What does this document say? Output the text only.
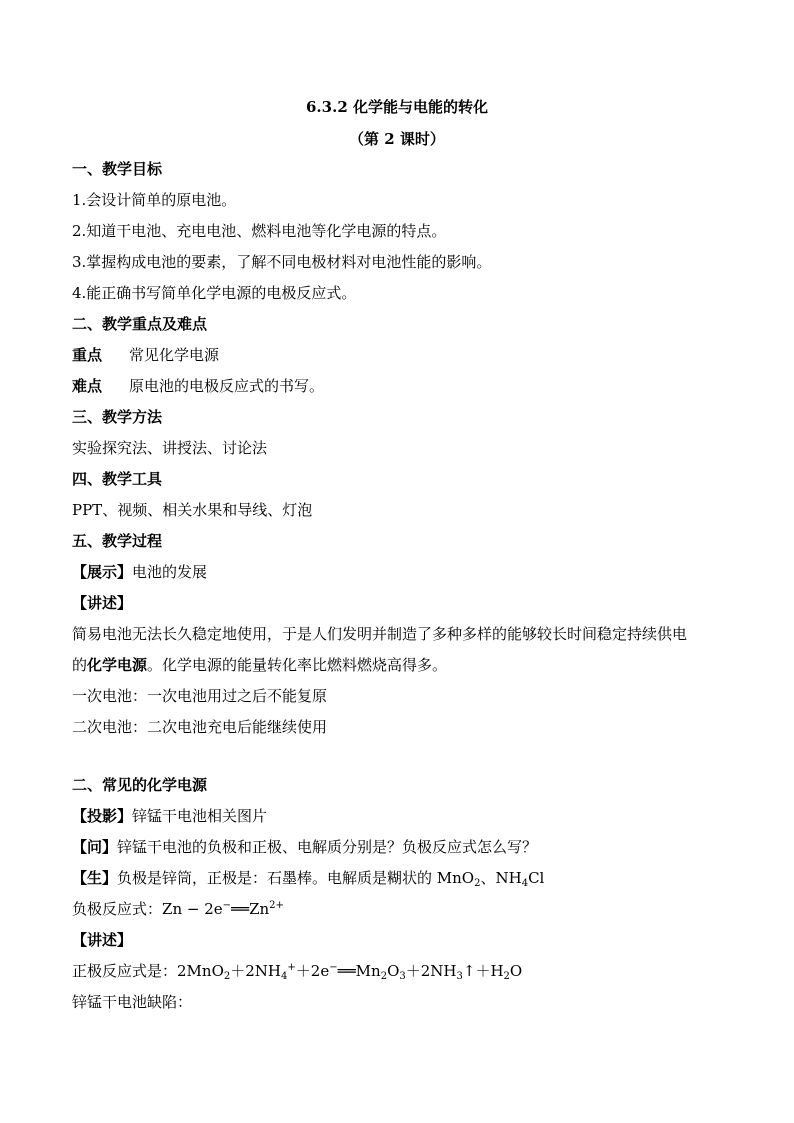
6.3.2 化学能与电能的转化
（第 2 课时）
一、教学目标
1.会设计简单的原电池。
2.知道干电池、充电电池、燃料电池等化学电源的特点。
3.掌握构成电池的要素，了解不同电极材料对电池性能的影响。
4.能正确书写简单化学电源的电极反应式。
二、教学重点及难点
重点 常见化学电源
难点 原电池的电极反应式的书写。
三、教学方法
实验探究法、讲授法、讨论法
四、教学工具
PPT、视频、相关水果和导线、灯泡
五、教学过程
【展示】电池的发展
【讲述】
简易电池无法长久稳定地使用，于是人们发明并制造了多种多样的能够较长时间稳定持续供电
的化学电源。化学电源的能量转化率比燃料燃烧高得多。
一次电池：一次电池用过之后不能复原
二次电池：二次电池充电后能继续使用
二、常见的化学电源
【投影】锌锰干电池相关图片
【问】锌锰干电池的负极和正极、电解质分别是？负极反应式怎么写？
【生】负极是锌筒，正极是：石墨棒。电解质是糊状的 MnO$_2$、$NH_4Cl$
负极反应式：$Zn - 2e^-══Zn^{2+}$
【讲述】
正极反应式是：$2MnO_2+2NH_4^++2e^-══Mn_2O_3+2NH_3↑+H_2O$
锌锰干电池缺陷：
